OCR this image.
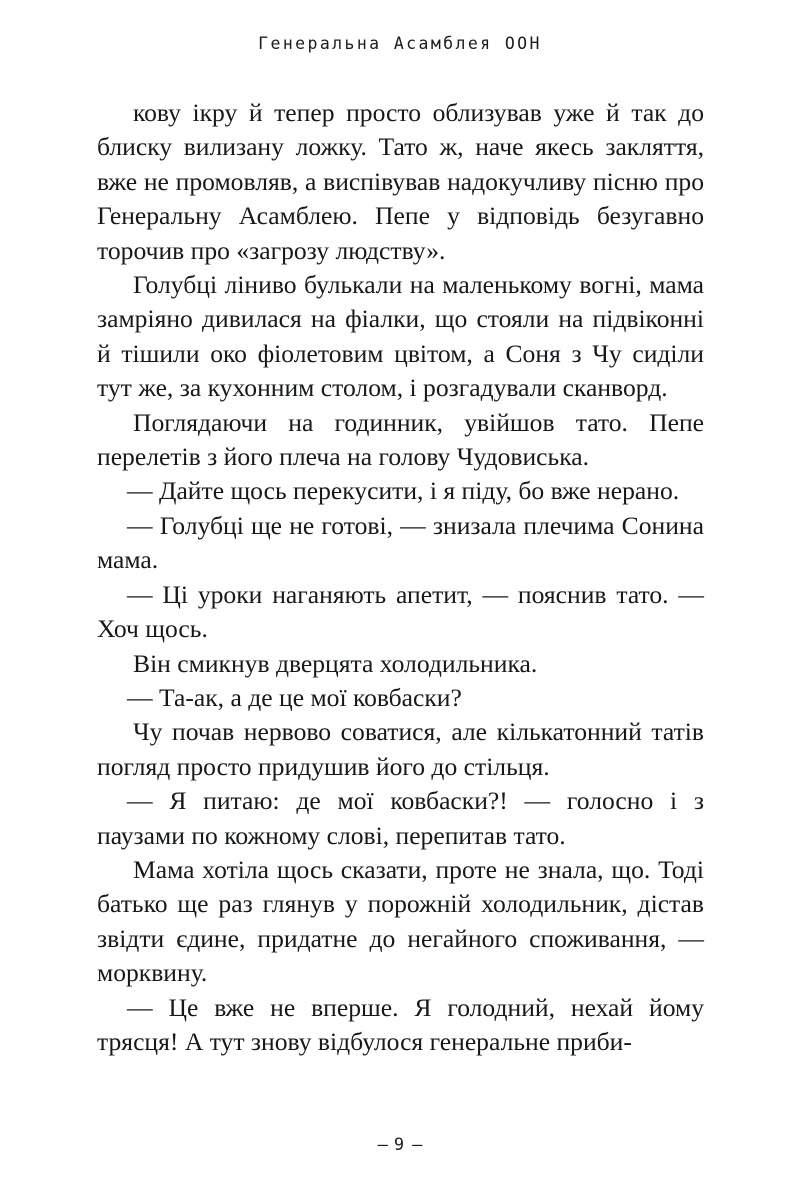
Генеральна Асамблея ООН

кову ікру й тепер просто облизував уже й так до блиску вилизану ложку. Тато ж, наче якесь закляття, вже не промовляв, а виспівував надокучливу пісню про Генеральну Асамблею. Пепе у відповідь безугавно торочив про «загрозу людству».

Голубці ліниво булькали на маленькому вогні, мама замріяно дивилася на фіалки, що стояли на підвіконні й тішили око фіолетовим цвітом, а Соня з Чу сиділи тут же, за кухонним столом, і розгадували сканворд.

Поглядаючи на годинник, увійшов тато. Пепе перелетів з його плеча на голову Чудовиська.

— Дайте щось перекусити, і я піду, бо вже нерано.

— Голубці ще не готові, — знизала плечима Сонина мама.

— Ці уроки наганяють апетит, — пояснив тато. — Хоч щось.

Він смикнув дверцята холодильника.

— Та-ак, а де це мої ковбаски?

Чу почав нервово соватися, але кількатонний татів погляд просто придушив його до стільця.

— Я питаю: де мої ковбаски?! — голосно і з паузами по кожному слові, перепитав тато.

Мама хотіла щось сказати, проте не знала, що. Тоді батько ще раз глянув у порожній холодильник, дістав звідти єдине, придатне до негайного споживання, — морквину.

— Це вже не вперше. Я голодний, нехай йому трясця! А тут знову відбулося генеральне приби-

— 9 —
